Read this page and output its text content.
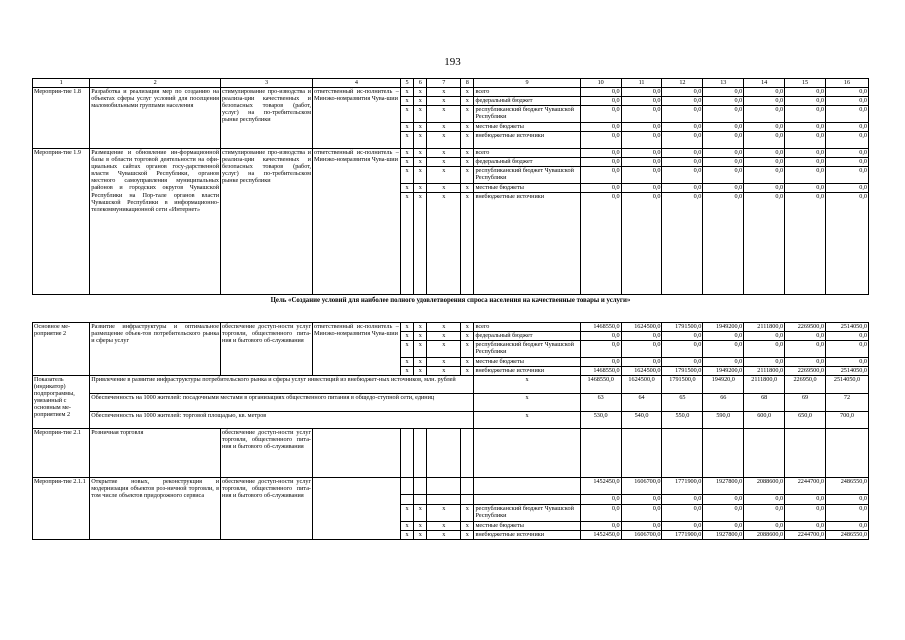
193
1	2	3	4	5	6	7	8	9	10	11	12	13	14	15	16
Мероприя-тие 1.8	Разработка и реализация мер по созданию на объектах сферы услуг условий для посещения маломобильными группами населения	стимулирование про-изводства и реализа-ции качественных и безопасных товаров (работ, услуг) на по-требительском рынке республики	ответственный ис-полнитель – Минэко-номразвития Чува-шии	x	x	x	x	всего	0,0	0,0	0,0	0,0	0,0	0,0	0,0
				x	x	x	x	федеральный бюджет	0,0	0,0	0,0	0,0	0,0	0,0	0,0
				x	x	x	x	республиканский бюджет Чувашской Республики	0,0	0,0	0,0	0,0	0,0	0,0	0,0
				x	x	x	x	местные бюджеты	0,0	0,0	0,0	0,0	0,0	0,0	0,0
				x	x	x	x	внебюджетные источники	0,0	0,0	0,0	0,0	0,0	0,0	0,0
Мероприя-тие 1.9	Размещение и обновление ин-формационной базы в области торговой деятельности на офи-циальных сайтах органов госу-дарственной власти Чувашской Республики, органов местного самоуправления муниципальных районов и городских округов Чувашской Республики на Пор-тале органов власти Чувашской Республики в информационно-телекоммуникационной сети «Интернет»	стимулирование про-изводства и реализа-ции качественных и безопасных товаров (работ, услуг) на по-требительском рынке республики	ответственный ис-полнитель – Минэко-номразвития Чува-шии	x	x	x	x	всего	0,0	0,0	0,0	0,0	0,0	0,0	0,0
				x	x	x	x	федеральный бюджет	0,0	0,0	0,0	0,0	0,0	0,0	0,0
				x	x	x	x	республиканский бюджет Чувашской Республики	0,0	0,0	0,0	0,0	0,0	0,0	0,0
				x	x	x	x	местные бюджеты	0,0	0,0	0,0	0,0	0,0	0,0	0,0
				x	x	x	x	внебюджетные источники	0,0	0,0	0,0	0,0	0,0	0,0	0,0
Цель «Создание условий для наиболее полного удовлетворения спроса населения на качественные товары и услуги»
Основное ме-роприятие 2	Развитие инфраструктуры и оптимальное размещение объек-тов потребительского рынка и сферы услуг	обеспечение доступ-ности услуг торговли, общественного пита-ния и бытового об-служивания	ответственный ис-полнитель – Минэко-номразвития Чува-шии	x	x	x	x	всего	1468550,0	1624500,0	1791500,0	1949200,0	2111800,0	2269500,0	2514050,0
				x	x	x	x	федеральный бюджет	0,0	0,0	0,0	0,0	0,0	0,0	0,0
				x	x	x	x	республиканский бюджет Чувашской Республики	0,0	0,0	0,0	0,0	0,0	0,0	0,0
				x	x	x	x	местные бюджеты	0,0	0,0	0,0	0,0	0,0	0,0	0,0
				x	x	x	x	внебюджетные источники	1468550,0	1624500,0	1791500,0	1949200,0	2111800,0	2269500,0	2514050,0
Показатель (индикатор) подпрограммы, увязанный с основным ме-роприятием 2	Привлечение в развитие инфраструктуры потребительского рынка и сферы услуг инвестиций из внебюджет-ных источников, млн. рублей							x	1468550,0	1624500,0	1791500,0	194920,0	2111800,0	226950,0	2514050,0
	Обеспеченность на 1000 жителей: посадочными местами в организациях общественного питания в общедо-ступной сети, единиц							x	63	64	65	66	68	69	72
	Обеспеченность на 1000 жителей: торговой площадью, кв. метров							x	530,0	540,0	550,0	590,0	600,0	650,0	700,0
Мероприя-тие 2.1	Розничная торговля	обеспечение доступ-ности услуг торговли, общественного пита-ния и бытового об-служивания													
Мероприя-тие 2.1.1	Открытие новых, реконструкция и модернизация объектов роз-ничной торговли, в том числе объектов придорожного сервиса	обеспечение доступ-ности услуг торговли, общественного пита-ния и бытового об-служивания							1452450,0	1606700,0	1771900,0	1927800,0	2088600,0	2244700,0	2486550,0
									0,0	0,0	0,0	0,0	0,0	0,0	0,0
				x	x	x	x	республиканский бюджет Чувашской Республики	0,0	0,0	0,0	0,0	0,0	0,0	0,0
				x	x	x	x	местные бюджеты	0,0	0,0	0,0	0,0	0,0	0,0	0,0
				x	x	x	x	внебюджетные источники	1452450,0	1606700,0	1771900,0	1927800,0	2088600,0	2244700,0	2486550,0
